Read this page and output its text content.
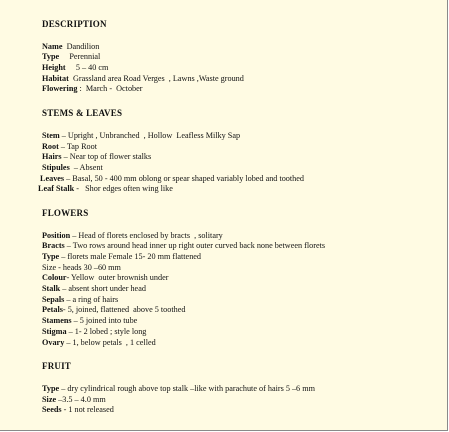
DESCRIPTION
Name  Dandilion
Type     Perennial
Height     5 – 40 cm
Habitat  Grassland area Road Verges  , Lawns ,Waste ground
Flowering :  March -  October
STEMS & LEAVES
Stem – Upright , Unbranched  , Hollow  Leafless Milky Sap
Root – Tap Root
Hairs – Near top of flower stalks
Stipules  – Absent
Leaves – Basal, 50 - 400 mm oblong or spear shaped variably lobed and toothed
Leaf Stalk -   Shor edges often wing like
FLOWERS
Position – Head of florets enclosed by bracts  , solitary
Bracts – Two rows around head inner up right outer curved back none between florets
Type – florets male Female 15- 20 mm flattened
Size - heads 30 –60 mm
Colour- Yellow  outer brownish under
Stalk – absent short under head
Sepals – a ring of hairs
Petals- 5, joined, flattened  above 5 toothed
Stamens – 5 joined into tube
Stigma – 1- 2 lobed ; style long
Ovary – 1, below petals  , 1 celled
FRUIT
Type – dry cylindrical rough above top stalk –like with parachute of hairs 5 –6 mm
Size –3.5 – 4.0 mm
Seeds - 1 not released
